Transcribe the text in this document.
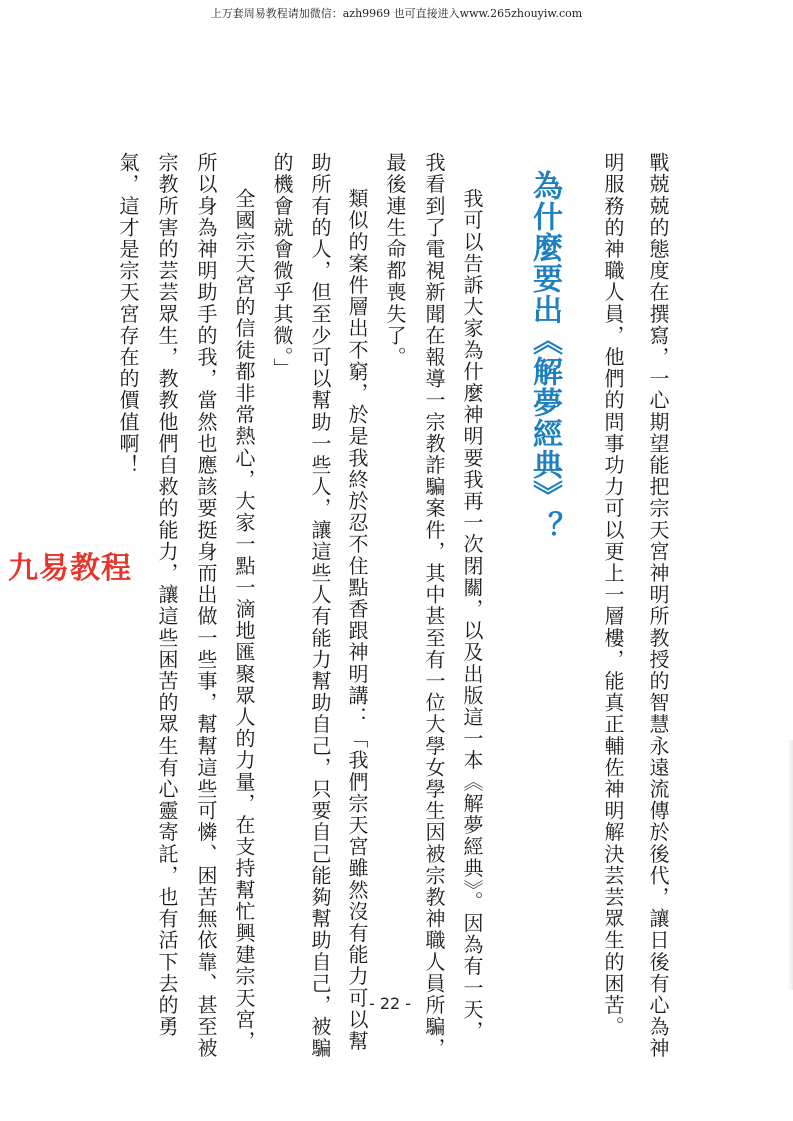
上万套周易教程请加微信：azh9969 也可直接进入www.265zhouyiw.com
戰兢兢的態度在撰寫，一心期望能把宗天宮神明所教授的智慧永遠流傳於後代，讓日後有心為神
明服務的神職人員，他們的問事功力可以更上一層樓，能真正輔佐神明解決芸芸眾生的困苦。
為什麼要出《解夢經典》？
我可以告訴大家為什麼神明要我再一次閉關，以及出版這一本《解夢經典》。因為有一天，
我看到了電視新聞在報導一宗教詐騙案件，其中甚至有一位大學女學生因被宗教神職人員所騙，
最後連生命都喪失了。
類似的案件層出不窮，於是我終於忍不住點香跟神明講：「我們宗天宮雖然沒有能力可以幫
助所有的人，但至少可以幫助一些人，讓這些人有能力幫助自己，只要自己能夠幫助自己，被騙
的機會就會微乎其微。」
全國宗天宮的信徒都非常熱心，大家一點一滴地匯聚眾人的力量，在支持幫忙興建宗天宮，
所以身為神明助手的我，當然也應該要挺身而出做一些事，幫幫這些可憐、困苦無依靠、甚至被
宗教所害的芸芸眾生，教教他們自救的能力，讓這些困苦的眾生有心靈寄託，也有活下去的勇
氣，這才是宗天宮存在的價值啊！
九易教程
- 22 -
